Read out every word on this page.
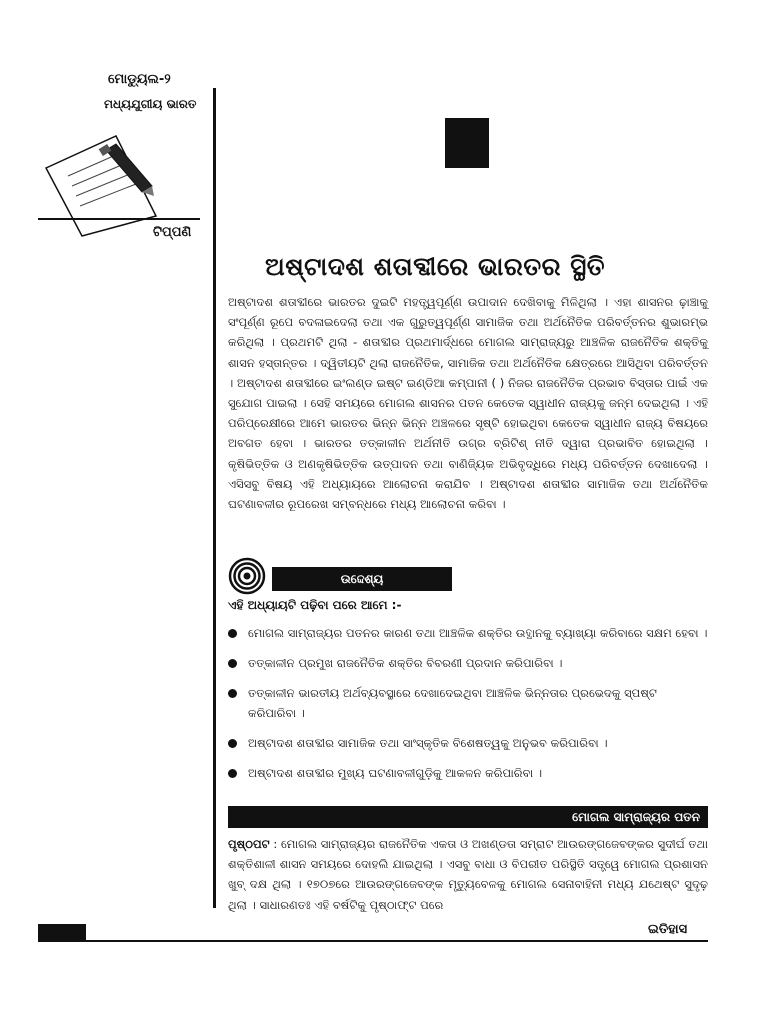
ମୋଡ୍ୟୁଲ-୨
ମଧ୍ୟଯୁଗୀୟ ଭାରତ
ଟିପ୍ପଣି
ଅଷ୍ଟାଦଶ ଶତାବ୍ଦୀରେ ଭାରତର ସ୍ଥିତି

ଅଷ୍ଟାଦଶ ଶତାବ୍ଦୀରେ ଭାରତର ଦୁଇଟି ମହତ୍ତ୍ୱପୂର୍ଣ୍ଣ ଉପାଦାନ ଦେଖିବାକୁ ମିଳିଥିଲା । ଏହା ଶାସନର ଢ଼ାଞ୍ଚାକୁ ସଂପୂର୍ଣ୍ଣ ରୂପେ ବଦଳାଇଦେଲା ତଥା ଏକ ଗୁରୁତ୍ୱପୂର୍ଣ୍ଣ ସାମାଜିକ ତଥା ଅର୍ଥନୈତିକ ପରିବର୍ତ୍ତନର ଶୁଭାରମ୍ଭ କରିଥିଲା । ପ୍ରଥମଟି ଥିଲା - ଶତାବ୍ଦୀର ପ୍ରଥମାର୍ଦ୍ଧରେ ମୋଗଲ ସାମ୍ରାଜ୍ୟରୁ ଆଞ୍ଚଳିକ ରାଜନୈତିକ ଶକ୍ତିକୁ ଶାସନ ହସ୍ତାନ୍ତର । ଦ୍ୱିତୀୟଟି ଥିଲା ରାଜନୈତିକ, ସାମାଜିକ ତଥା ଅର୍ଥନୈତିକ କ୍ଷେତ୍ରରେ ଆସିଥିବା ପରିବର୍ତ୍ତନ । ଅଷ୍ଟାଦଶ ଶତାବ୍ଦୀରେ ଇଂଲଣ୍ଡ ଇଷ୍ଟ ଇଣ୍ଡିଆ କମ୍ପାନୀ ( ) ନିଜର ରାଜନୈତିକ ପ୍ରଭାବ ବିସ୍ତାର ପାଇଁ ଏକ ସୁଯୋଗ ପାଇଲା । ସେହି ସମୟରେ ମୋଗଲ ଶାସନର ପତନ କେତେକ ସ୍ୱାଧୀନ ରାଜ୍ୟକୁ ଜନ୍ମ ଦେଇଥିଲା । ଏହି ପରିପ୍ରେକ୍ଷୀରେ ଆମେ ଭାରତର ଭିନ୍ନ ଭିନ୍ନ ଅଞ୍ଚଳରେ ସୃଷ୍ଟି ହୋଇଥିବା କେତେକ ସ୍ୱାଧୀନ ରାଜ୍ୟ ବିଷୟରେ ଅବଗତ ହେବା । ଭାରତର ତତ୍କାଳୀନ ଅର୍ଥନୀତି ଉଗ୍ର ବ୍ରିଟିଶ୍ ନୀତି ଦ୍ୱାରା ପ୍ରଭାବିତ ହୋଇଥିଲା । କୃଷିଭିତ୍ତିକ ଓ ଅଣକୃଷିଭିତ୍ତିକ ଉତ୍ପାଦନ ତଥା ବାଣିଜ୍ୟିକ ଅଭିବୃଦ୍ଧିରେ ମଧ୍ୟ ପରିବର୍ତ୍ତନ ଦେଖାଦେଲା । ଏସିସବୁ ବିଷୟ ଏହି ଅଧ୍ୟାୟରେ ଆଲୋଚନା କରାଯିବ । ଅଷ୍ଟାଦଶ ଶତାବ୍ଦୀର ସାମାଜିକ ତଥା ଅର୍ଥନୈତିକ ଘଟଣାବଳୀର ରୂପରେଖ ସମ୍ବନ୍ଧରେ ମଧ୍ୟ ଆଲୋଚନା କରିବା ।

ଉଦ୍ଦେଶ୍ୟ
ଏହି ଅଧ୍ୟାୟଟି ପଢ଼ିବା ପରେ ଆମେ :-
ମୋଗଲ ସାମ୍ରାଜ୍ୟର ପତନର କାରଣ ତଥା ଆଞ୍ଚଳିକ ଶକ୍ତିର ଉତ୍ଥାନକୁ ବ୍ୟାଖ୍ୟା କରିବାରେ ସକ୍ଷମ ହେବା ।
ତତ୍କାଳୀନ ପ୍ରମୁଖ ରାଜନୈତିକ ଶକ୍ତିର ବିବରଣୀ ପ୍ରଦାନ କରିପାରିବା ।
ତତ୍କାଳୀନ ଭାରତୀୟ ଅର୍ଥବ୍ୟବସ୍ଥାରେ ଦେଖାଦେଇଥିବା ଆଞ୍ଚଳିକ ଭିନ୍ନତାର ପ୍ରଭେଦକୁ ସ୍ପଷ୍ଟ କରିପାରିବା ।
ଅଷ୍ଟାଦଶ ଶତାବ୍ଦୀର ସାମାଜିକ ତଥା ସାଂସ୍କୃତିକ ବିଶେଷତ୍ୱକୁ ଅନୁଭବ କରିପାରିବା ।
ଅଷ୍ଟାଦଶ ଶତାବ୍ଦୀର ମୁଖ୍ୟ ଘଟଣାବଳୀଗୁଡ଼ିକୁ ଆକଳନ କରିପାରିବା ।
ମୋଗଲ ସାମ୍ରାଜ୍ୟର ପତନ

ପୃଷ୍ଠପଟ : ମୋଗଲ ସାମ୍ରାଜ୍ୟର ରାଜନୈତିକ ଏକତା ଓ ଅଖଣ୍ଡତା ସମ୍ରାଟ ଆଉରଙ୍ଗଜେବଙ୍କର ସୁଦୀର୍ଘ ତଥା ଶକ୍ତିଶାଳୀ ଶାସନ ସମୟରେ ଦୋହଲି ଯାଇଥିଲା । ଏସବୁ ବାଧା ଓ ବିପରୀତ ପରିସ୍ଥିତି ସତ୍ତ୍ୱେ ମୋଗଲ ପ୍ରଶାସନ ଖୁବ୍ ଦକ୍ଷ ଥିଲା । ୧୭୦୭ରେ ଆଉରଙ୍ଗଜେବଙ୍କ ମୃତ୍ୟୁବେଳକୁ ମୋଗଲ ସେନାବାହିନୀ ମଧ୍ୟ ଯଥେଷ୍ଟ ସୁଦୃଢ଼ ଥିଲା । ସାଧାରଣତଃ ଏହି ବର୍ଷଟିକୁ ପୃଷ୍ଠାଫ୍ଟ ପରେ

ଇତିହାସ
